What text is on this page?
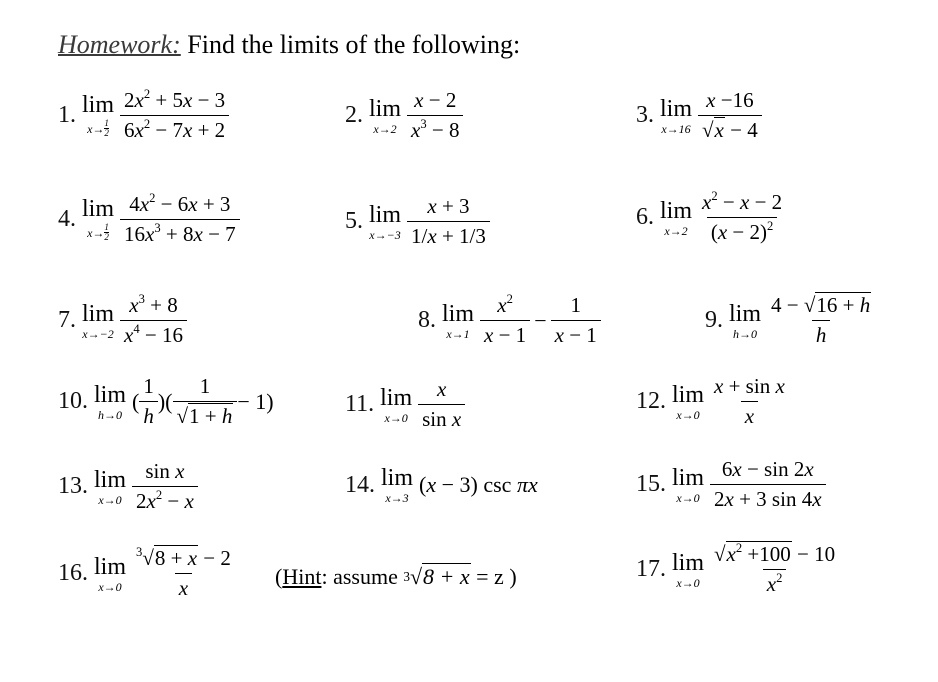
Homework: Find the limits of the following:
1. lim
x→ 1
$2 \frac{2x^2 + 5x - 3}{6x^2 - 7x + 2}$	2. lim
$x\to 2 \frac{x - 2}{x^3 - 8}$	3. lim
$x\to 16 \frac{x -16}{√x - 4}$
4. lim
x→ 1
$2 \frac{4x^2 - 6x + 3}{16x^3 + 8x - 7}$	5. lim
$x\to-3 \frac{x + 3}{1/x + 1/3}$	6. lim
$x\to 2 \frac{x^2 - x - 2}{(x - 2)^2}$
7. lim
$x\to-2 \frac{x^3 + 8}{x^4 - 16}$	8. lim
$x\to 1 \frac{x^2}{x - 1} - \frac{1}{x - 1}$	9. lim
$h\to 0 \frac{4 - √16 + h}{h}$
10. lim
h→0
( $\frac{1}{h}$ )( $\frac{1}{√1 + h} - 1$)	11. lim
$x\to 0 \frac{x}{\text{sin x}}$	12. lim
$x\to 0 \frac{\text{x + sin x}}{x}$
13. lim
$x\to 0 \frac{\text{sin x}}{2x^2 - x}$	14. lim
x→3
(x − 3) csc πx	15. lim
$x\to 0 \frac{6x - \sin 2x}{2x + 3 \sin 4x}$
16. lim
$x\to 0 \frac{^3√8 + x - 2}{x}$ ( Hint : assume 3 √ 8 + x = z )	17. lim
$x\to 0 \frac{√x^2 +100 - 10}{x^2}$
